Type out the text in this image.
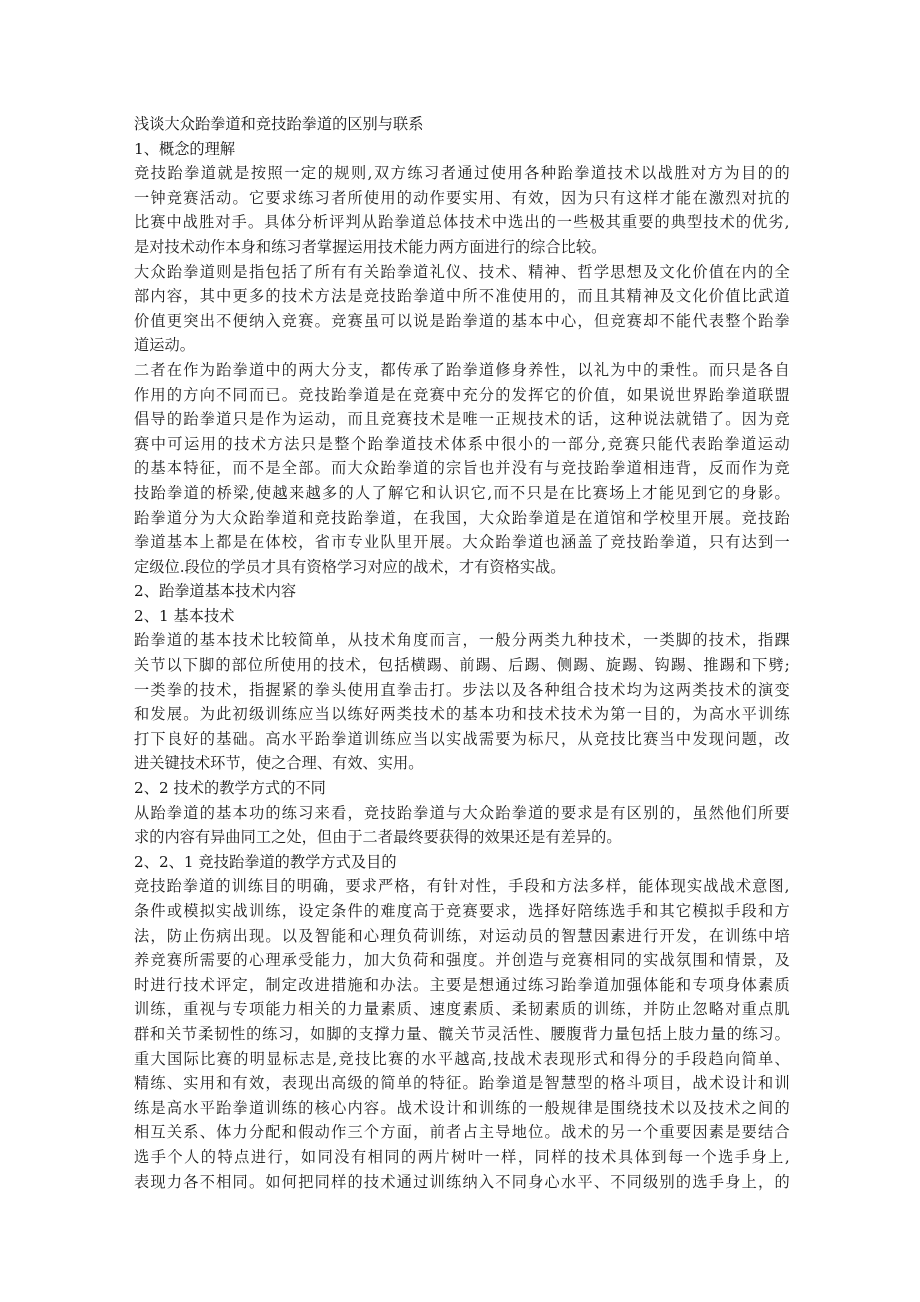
浅谈大众跆拳道和竞技跆拳道的区别与联系
1、概念的理解
竞 技 跆 拳 道 就 是 按 照 一 定 的 规 则 , 双 方 练 习 者 通 过 使 用 各 种 跆 拳 道 技 术 以 战 胜 对 方 为 目 的 的
一 钟 竞 赛 活 动 。 它 要 求 练 习 者 所 使 用 的 动 作 要 实 用 、 有 效 ， 因 为 只 有 这 样 才 能 在 激 烈 对 抗 的
比 赛 中 战 胜 对 手 。 具 体 分 析 评 判 从 跆 拳 道 总 体 技 术 中 选 出 的 一 些 极 其 重 要 的 典 型 技 术 的 优 劣 ,
是对技术动作本身和练习者掌握运用技术能力两方面进行的综合比较。
大 众 跆 拳 道 则 是 指 包 括 了 所 有 有 关 跆 拳 道 礼 仪 、 技 术 、 精 神 、 哲 学 思 想 及 文 化 价 值 在 内 的 全
部 内 容 ， 其 中 更 多 的 技 术 方 法 是 竞 技 跆 拳 道 中 所 不 准 使 用 的 ， 而 且 其 精 神 及 文 化 价 值 比 武 道
价 值 更 突 出 不 便 纳 入 竞 赛 。 竞 赛 虽 可 以 说 是 跆 拳 道 的 基 本 中 心 ， 但 竞 赛 却 不 能 代 表 整 个 跆 拳
道运动。
二 者 在 作 为 跆 拳 道 中 的 两 大 分 支 ， 都 传 承 了 跆 拳 道 修 身 养 性 ， 以 礼 为 中 的 秉 性 。 而 只 是 各 自
作 用 的 方 向 不 同 而 已 。 竞 技 跆 拳 道 是 在 竞 赛 中 充 分 的 发 挥 它 的 价 值 ， 如 果 说 世 界 跆 拳 道 联 盟
倡 导 的 跆 拳 道 只 是 作 为 运 动 ， 而 且 竞 赛 技 术 是 唯 一 正 规 技 术 的 话 ， 这 种 说 法 就 错 了 。 因 为 竞
赛 中 可 运 用 的 技 术 方 法 只 是 整 个 跆 拳 道 技 术 体 系 中 很 小 的 一 部 分 , 竞 赛 只 能 代 表 跆 拳 道 运 动
的 基 本 特 征 ， 而 不 是 全 部 。 而 大 众 跆 拳 道 的 宗 旨 也 并 没 有 与 竞 技 跆 拳 道 相 违 背 ， 反 而 作 为 竞
技 跆 拳 道 的 桥 梁 , 使 越 来 越 多 的 人 了 解 它 和 认 识 它 , 而 不 只 是 在 比 赛 场 上 才 能 见 到 它 的 身 影 。
跆 拳 道 分 为 大 众 跆 拳 道 和 竞 技 跆 拳 道 ， 在 我 国 ， 大 众 跆 拳 道 是 在 道 馆 和 学 校 里 开 展 。 竞 技 跆
拳 道 基 本 上 都 是 在 体 校 ， 省 市 专 业 队 里 开 展 。 大 众 跆 拳 道 也 涵 盖 了 竞 技 跆 拳 道 ， 只 有 达 到 一
定级位.段位的学员才具有资格学习对应的战术，才有资格实战。
2、跆拳道基本技术内容
2、1 基本技术
跆 拳 道 的 基 本 技 术 比 较 简 单 ， 从 技 术 角 度 而 言 ， 一 般 分 两 类 九 种 技 术 ， 一 类 脚 的 技 术 ， 指 踝
关 节 以 下 脚 的 部 位 所 使 用 的 技 术 ， 包 括 横 踢 、 前 踢 、 后 踢 、 侧 踢 、 旋 踢 、 钩 踢 、 推 踢 和 下 劈 ;
一 类 拳 的 技 术 ， 指 握 紧 的 拳 头 使 用 直 拳 击 打 。 步 法 以 及 各 种 组 合 技 术 均 为 这 两 类 技 术 的 演 变
和 发 展 。 为 此 初 级 训 练 应 当 以 练 好 两 类 技 术 的 基 本 功 和 技 术 技 术 为 第 一 目 的 ， 为 高 水 平 训 练
打 下 良 好 的 基 础 。 高 水 平 跆 拳 道 训 练 应 当 以 实 战 需 要 为 标 尺 ， 从 竞 技 比 赛 当 中 发 现 问 题 ， 改
进关键技术环节，使之合理、有效、实用。
2、2 技术的教学方式的不同
从 跆 拳 道 的 基 本 功 的 练 习 来 看 ， 竞 技 跆 拳 道 与 大 众 跆 拳 道 的 要 求 是 有 区 别 的 ， 虽 然 他 们 所 要
求的内容有异曲同工之处，但由于二者最终要获得的效果还是有差异的。
2、2、1 竞技跆拳道的教学方式及目的
竞 技 跆 拳 道 的 训 练 目 的 明 确 ， 要 求 严 格 ， 有 针 对 性 ， 手 段 和 方 法 多 样 ， 能 体 现 实 战 战 术 意 图 ,
条 件 或 模 拟 实 战 训 练 ， 设 定 条 件 的 难 度 高 于 竞 赛 要 求 ， 选 择 好 陪 练 选 手 和 其 它 模 拟 手 段 和 方
法 ， 防 止 伤 病 出 现 。 以 及 智 能 和 心 理 负 荷 训 练 ， 对 运 动 员 的 智 慧 因 素 进 行 开 发 ， 在 训 练 中 培
养 竞 赛 所 需 要 的 心 理 承 受 能 力 ， 加 大 负 荷 和 强 度 。 并 创 造 与 竞 赛 相 同 的 实 战 氛 围 和 情 景 ， 及
时 进 行 技 术 评 定 ， 制 定 改 进 措 施 和 办 法 。 主 要 是 想 通 过 练 习 跆 拳 道 加 强 体 能 和 专 项 身 体 素 质
训 练 ， 重 视 与 专 项 能 力 相 关 的 力 量 素 质 、 速 度 素 质 、 柔 韧 素 质 的 训 练 ， 并 防 止 忽 略 对 重 点 肌
群 和 关 节 柔 韧 性 的 练 习 ， 如 脚 的 支 撑 力 量 、 髋 关 节 灵 活 性 、 腰 腹 背 力 量 包 括 上 肢 力 量 的 练 习 。
重 大 国 际 比 赛 的 明 显 标 志 是 , 竞 技 比 赛 的 水 平 越 高 , 技 战 术 表 现 形 式 和 得 分 的 手 段 趋 向 简 单 、
精 练 、 实 用 和 有 效 ， 表 现 出 高 级 的 简 单 的 特 征 。 跆 拳 道 是 智 慧 型 的 格 斗 项 目 ， 战 术 设 计 和 训
练 是 高 水 平 跆 拳 道 训 练 的 核 心 内 容 。 战 术 设 计 和 训 练 的 一 般 规 律 是 围 绕 技 术 以 及 技 术 之 间 的
相 互 关 系 、 体 力 分 配 和 假 动 作 三 个 方 面 ， 前 者 占 主 导 地 位 。 战 术 的 另 一 个 重 要 因 素 是 要 结 合
选 手 个 人 的 特 点 进 行 ， 如 同 没 有 相 同 的 两 片 树 叶 一 样 ， 同 样 的 技 术 具 体 到 每 一 个 选 手 身 上 ,
表 现 力 各 不 相 同 。 如 何 把 同 样 的 技 术 通 过 训 练 纳 入 不 同 身 心 水 平 、 不 同 级 别 的 选 手 身 上 ， 的
